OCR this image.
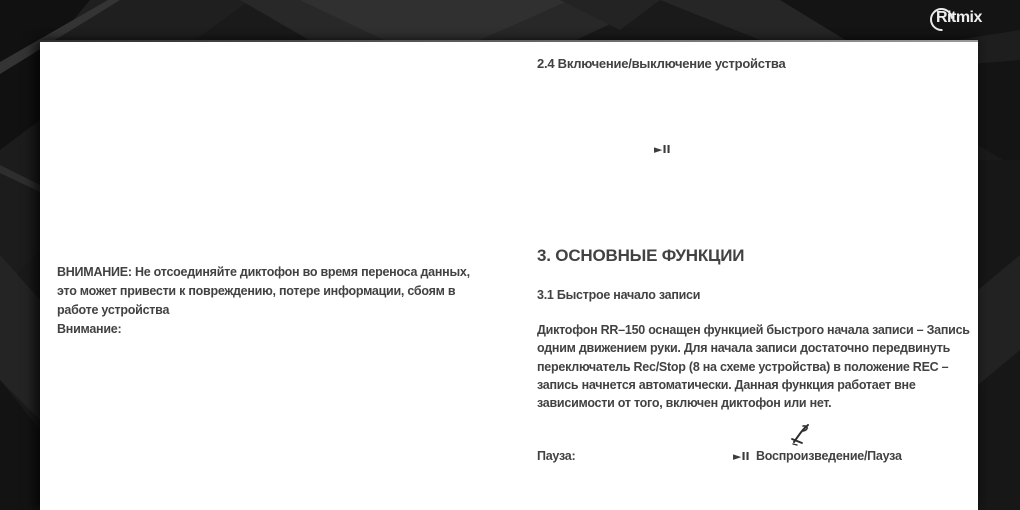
Ritmix
ВНИМАНИЕ: Не отсоединяйте диктофон во время переноса данных, это может привести к повреждению, потере информации, сбоям в работе устройства
Внимание:
2.4 Включение/выключение устройства
►II
3. ОСНОВНЫЕ ФУНКЦИИ
3.1 Быстрое начало записи
Диктофон RR–150 оснащен функцией быстрого начала записи – Запись одним движением руки. Для начала записи достаточно передвинуть переключатель Rec/Stop (8 на схеме устройства) в положение REC – запись начнется автоматически. Данная функция работает вне зависимости от того, включен диктофон или нет.
Пауза:	►II Воспроизведение/Пауза
